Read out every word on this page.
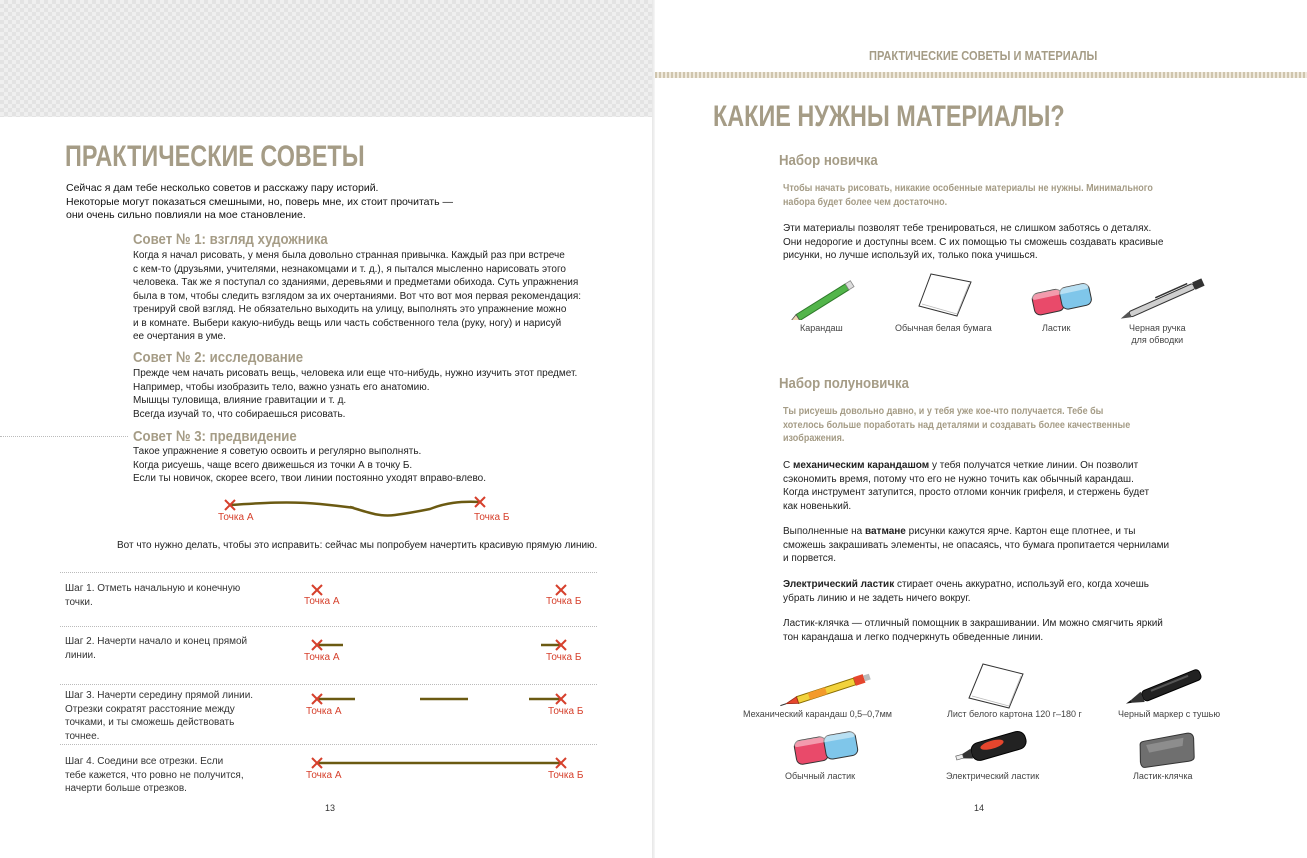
ПРАКТИЧЕСКИЕ СОВЕТЫ
Сейчас я дам тебе несколько советов и расскажу пару историй.
Некоторые могут показаться смешными, но, поверь мне, их стоит прочитать —
они очень сильно повлияли на мое становление.
Совет № 1: взгляд художника
Когда я начал рисовать, у меня была довольно странная привычка. Каждый раз при встрече
с кем-то (друзьями, учителями, незнакомцами и т. д.), я пытался мысленно нарисовать этого
человека. Так же я поступал со зданиями, деревьями и предметами обихода. Суть упражнения
была в том, чтобы следить взглядом за их очертаниями. Вот что вот моя первая рекомендация:
тренируй свой взгляд. Не обязательно выходить на улицу, выполнять это упражнение можно
и в комнате. Выбери какую-нибудь вещь или часть собственного тела (руку, ногу) и нарисуй
ее очертания в уме.
Совет № 2: исследование
Прежде чем начать рисовать вещь, человека или еще что-нибудь, нужно изучить этот предмет.
Например, чтобы изобразить тело, важно узнать его анатомию.
Мышцы туловища, влияние гравитации и т. д.
Всегда изучай то, что собираешься рисовать.
Совет № 3: предвидение
Такое упражнение я советую освоить и регулярно выполнять.
Когда рисуешь, чаще всего движешься из точки А в точку Б.
Если ты новичок, скорее всего, твои линии постоянно уходят вправо-влево.
Точка А	Точка Б
Вот что нужно делать, чтобы это исправить: сейчас мы попробуем начертить красивую прямую линию.
Шаг 1. Отметь начальную и конечную
точки.	Точка А	Точка Б
Шаг 2. Начерти начало и конец прямой
линии.	Точка А	Точка Б
Шаг 3. Начерти середину прямой линии.
Отрезки сократят расстояние между
точками, и ты сможешь действовать
точнее.
Точка А	Точка Б
Шаг 4. Соедини все отрезки. Если
тебе кажется, что ровно не получится,
начерти больше отрезков.
Точка А	Точка Б
13
ПРАКТИЧЕСКИЕ СОВЕТЫ И МАТЕРИАЛЫ
КАКИЕ НУЖНЫ МАТЕРИАЛЫ?
Набор новичка
Чтобы начать рисовать, никакие особенные материалы не нужны. Минимального
набора будет более чем достаточно.
Эти материалы позволят тебе тренироваться, не слишком заботясь о деталях.
Они недорогие и доступны всем. С их помощью ты сможешь создавать красивые
рисунки, но лучше используй их, только пока учишься.
Карандаш	Обычная белая бумага	Ластик	Черная ручка
для обводки
Набор полуновичка
Ты рисуешь довольно давно, и у тебя уже кое-что получается. Тебе бы
хотелось больше поработать над деталями и создавать более качественные
изображения.
С механическим карандашом у тебя получатся четкие линии. Он позволит
сэкономить время, потому что его не нужно точить как обычный карандаш.
Когда инструмент затупится, просто отломи кончик грифеля, и стержень будет
как новенький.
Выполненные на ватмане рисунки кажутся ярче. Картон еще плотнее, и ты
сможешь закрашивать элементы, не опасаясь, что бумага пропитается чернилами
и порвется.
Электрический ластик стирает очень аккуратно, используй его, когда хочешь
убрать линию и не задеть ничего вокруг.
Ластик-клячка — отличный помощник в закрашивании. Им можно смягчить яркий
тон карандаша и легко подчеркнуть обведенные линии.
Механический карандаш 0,5–0,7мм	Лист белого картона 120 г–180 г	Черный маркер с тушью
Обычный ластик	Электрический ластик	Ластик-клячка
14
